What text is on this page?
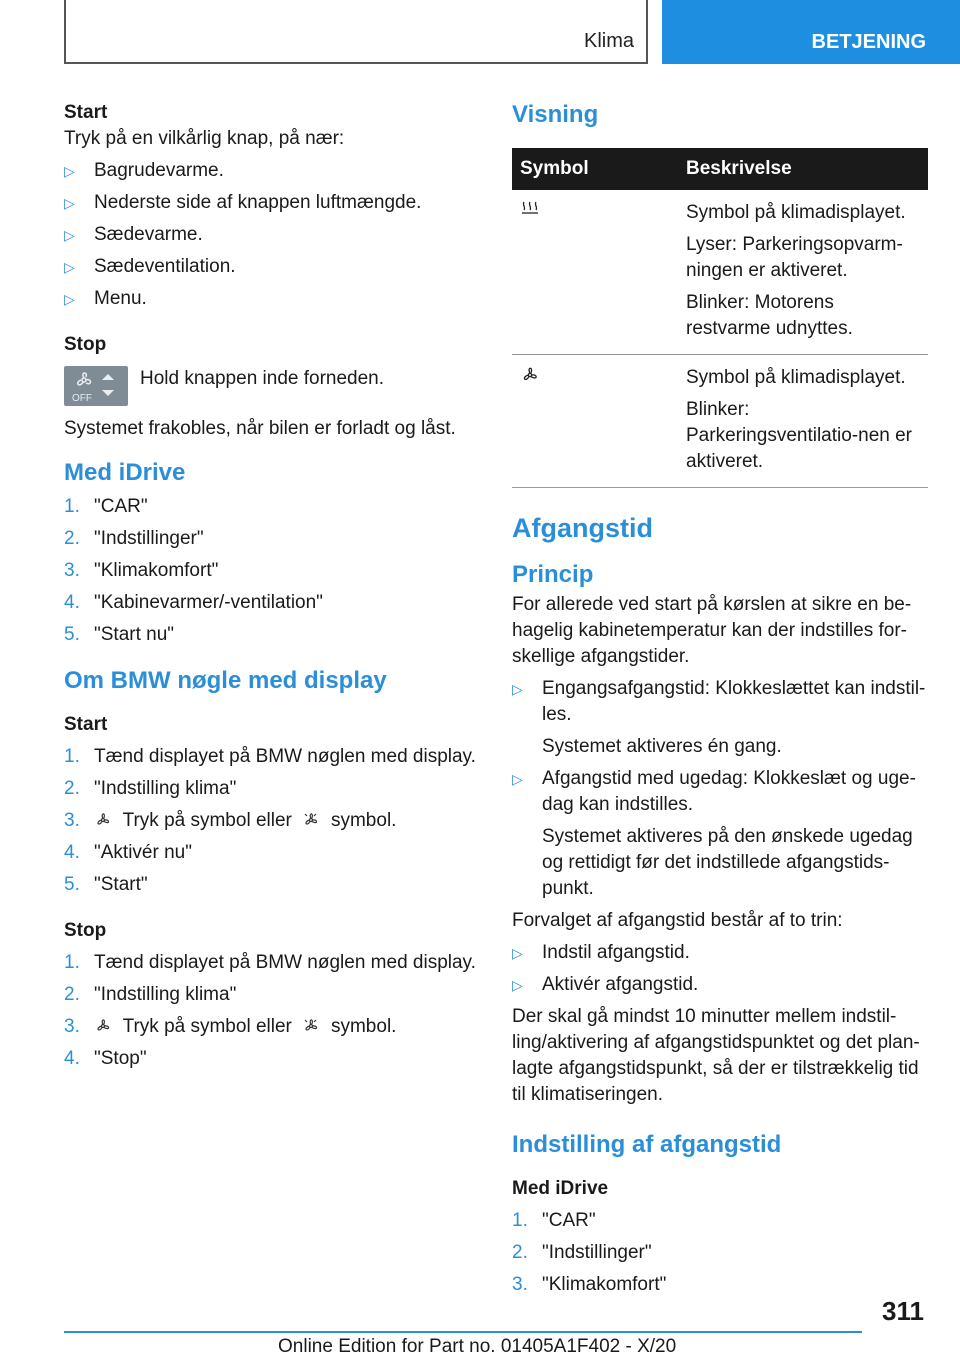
Klima	BETJENING

Start

Tryk på en vilkårlig knap, på nær:

▷ Bagrudevarme.
▷ Nederste side af knappen luftmængde.
▷ Sædevarme.
▷ Sædeventilation.
▷ Menu.

Stop

OFF
Hold knappen inde forneden.

Systemet frakobles, når bilen er forladt og låst.

Med iDrive

1. "CAR"
2. "Indstillinger"
3. "Klimakomfort"
4. "Kabinevarmer/-ventilation"
5. "Start nu"

Om BMW nøgle med display

Start

1. Tænd displayet på BMW nøglen med display.
2. "Indstilling klima"
3. Tryk på symbol eller symbol.
4. "Aktivér nu"
5. "Start"

Stop

1. Tænd displayet på BMW nøglen med display.
2. "Indstilling klima"
3. Tryk på symbol eller symbol.
4. "Stop"

Visning

Symbol	Beskrivelse

Symbol på klimadisplayet.

Lyser: Parkeringsopvarm-ningen er aktiveret.

Blinker: Motorens restvarme udnyttes.

Symbol på klimadisplayet.

Blinker: Parkeringsventilatio-nen er aktiveret.

Afgangstid

Princip

For allerede ved start på kørslen at sikre en be-hagelig kabinetemperatur kan der indstilles for-skellige afgangstider.

▷ Engangsafgangstid: Klokkeslættet kan indstil-les.
Systemet aktiveres én gang.
▷ Afgangstid med ugedag: Klokkeslæt og uge-dag kan indstilles.
Systemet aktiveres på den ønskede ugedag og rettidigt før det indstillede afgangstids-punkt.

Forvalget af afgangstid består af to trin:

▷ Indstil afgangstid.
▷ Aktivér afgangstid.

Der skal gå mindst 10 minutter mellem indstil-ling/aktivering af afgangstidspunktet og det plan-lagte afgangstidspunkt, så der er tilstrækkelig tid til klimatiseringen.

Indstilling af afgangstid

Med iDrive

1. "CAR"
2. "Indstillinger"
3. "Klimakomfort"
311
Online Edition for Part no. 01405A1F402 - X/20
